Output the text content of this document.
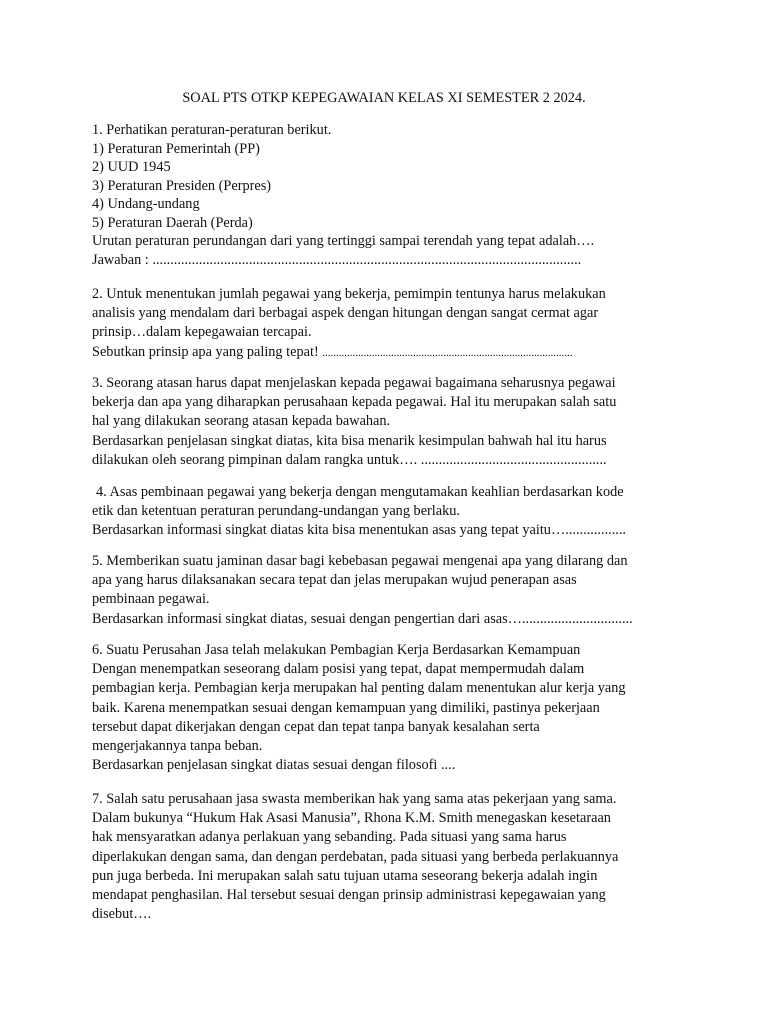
SOAL PTS OTKP KEPEGAWAIAN KELAS XI SEMESTER 2 2024.
1. Perhatikan peraturan-peraturan berikut.
1) Peraturan Pemerintah (PP)
2) UUD 1945
3) Peraturan Presiden (Perpres)
4) Undang-undang
5) Peraturan Daerah (Perda)
Urutan peraturan perundangan dari yang tertinggi sampai terendah yang tepat adalah….
Jawaban : ........................................................................................................................
2. Untuk menentukan jumlah pegawai yang bekerja, pemimpin tentunya harus melakukan
analisis yang mendalam dari berbagai aspek dengan hitungan dengan sangat cermat agar
prinsip…dalam kepegawaian tercapai.
Sebutkan prinsip apa yang paling tepat! ...........................................................................................
3. Seorang atasan harus dapat menjelaskan kepada pegawai bagaimana seharusnya pegawai
bekerja dan apa yang diharapkan perusahaan kepada pegawai. Hal itu merupakan salah satu
hal yang dilakukan seorang atasan kepada bawahan.
Berdasarkan penjelasan singkat diatas, kita bisa menarik kesimpulan bahwah hal itu harus
dilakukan oleh seorang pimpinan dalam rangka untuk…. ....................................................
4. Asas pembinaan pegawai yang bekerja dengan mengutamakan keahlian berdasarkan kode
etik dan ketentuan peraturan perundang-undangan yang berlaku.
Berdasarkan informasi singkat diatas kita bisa menentukan asas yang tepat yaitu….................
5. Memberikan suatu jaminan dasar bagi kebebasan pegawai mengenai apa yang dilarang dan
apa yang harus dilaksanakan secara tepat dan jelas merupakan wujud penerapan asas
pembinaan pegawai.
Berdasarkan informasi singkat diatas, sesuai dengan pengertian dari asas…...............................
6. Suatu Perusahan Jasa telah melakukan Pembagian Kerja Berdasarkan Kemampuan
Dengan menempatkan seseorang dalam posisi yang tepat, dapat mempermudah dalam
pembagian kerja. Pembagian kerja merupakan hal penting dalam menentukan alur kerja yang
baik. Karena menempatkan sesuai dengan kemampuan yang dimiliki, pastinya pekerjaan
tersebut dapat dikerjakan dengan cepat dan tepat tanpa banyak kesalahan serta
mengerjakannya tanpa beban.
Berdasarkan penjelasan singkat diatas sesuai dengan filosofi ....
7. Salah satu perusahaan jasa swasta memberikan hak yang sama atas pekerjaan yang sama.
Dalam bukunya “Hukum Hak Asasi Manusia”, Rhona K.M. Smith menegaskan kesetaraan
hak mensyaratkan adanya perlakuan yang sebanding. Pada situasi yang sama harus
diperlakukan dengan sama, dan dengan perdebatan, pada situasi yang berbeda perlakuannya
pun juga berbeda. Ini merupakan salah satu tujuan utama seseorang bekerja adalah ingin
mendapat penghasilan. Hal tersebut sesuai dengan prinsip administrasi kepegawaian yang
disebut….
